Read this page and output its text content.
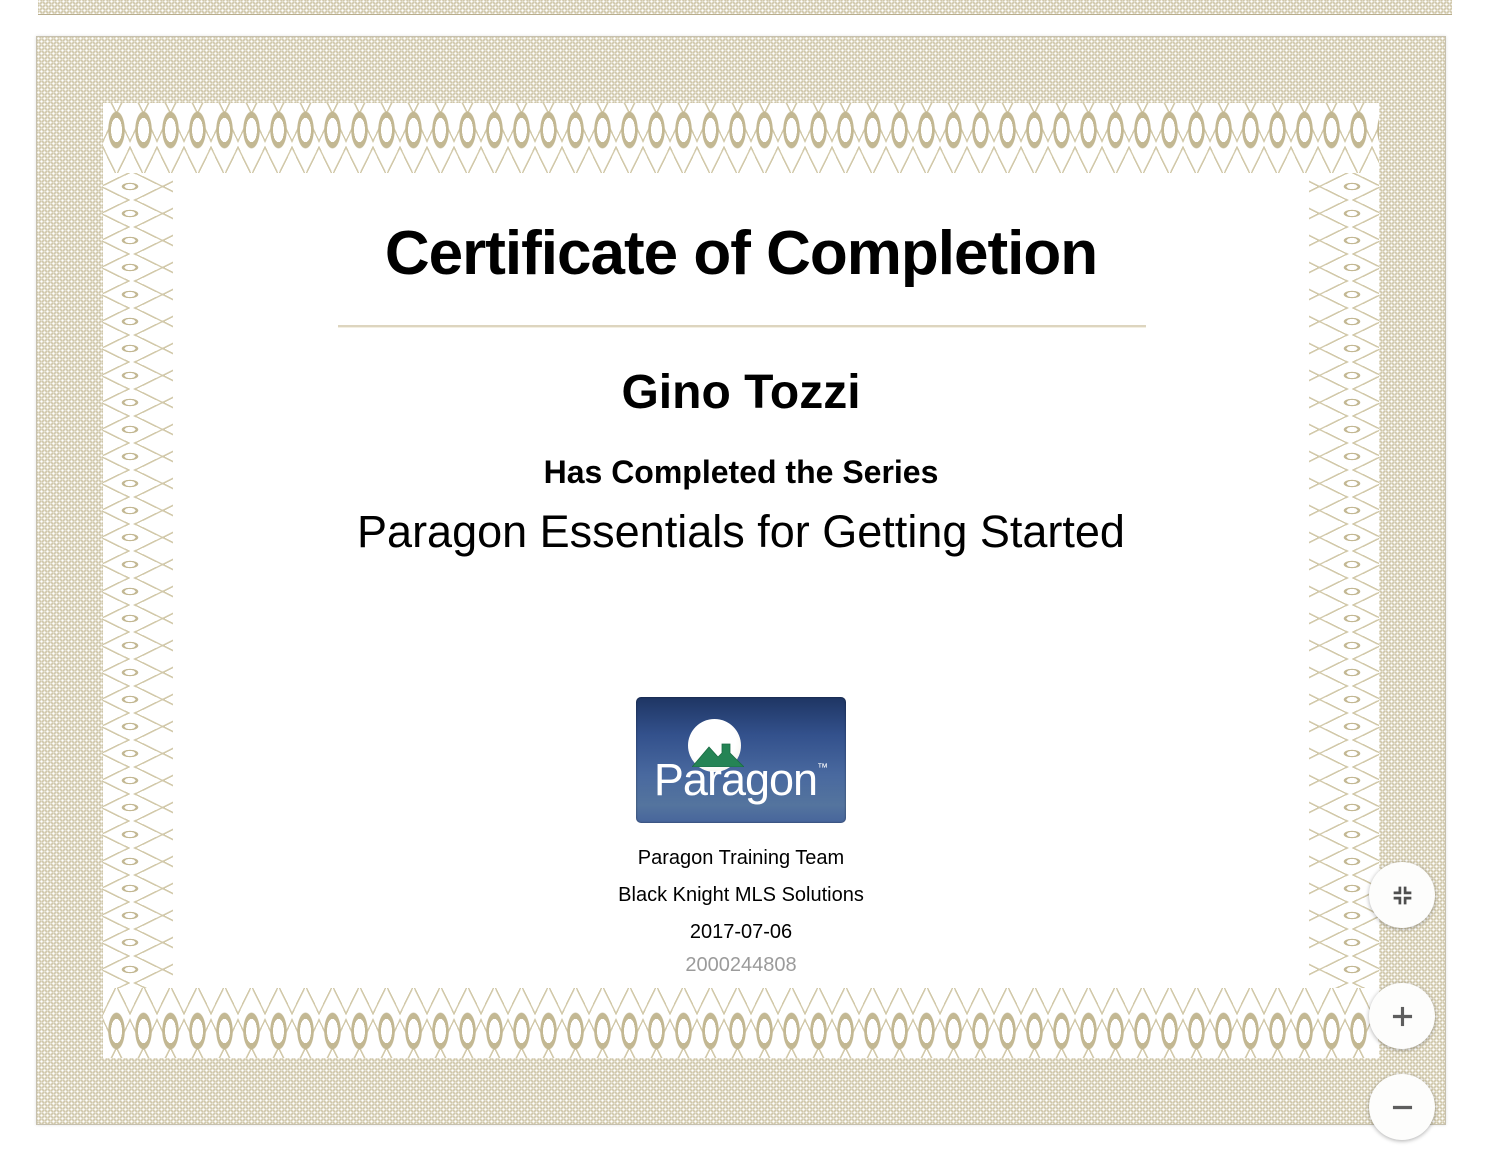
Certificate of Completion
Gino Tozzi
Has Completed the Series
Paragon Essentials for Getting Started
Paragon™
Paragon Training Team
Black Knight MLS Solutions
2017-07-06
2000244808
